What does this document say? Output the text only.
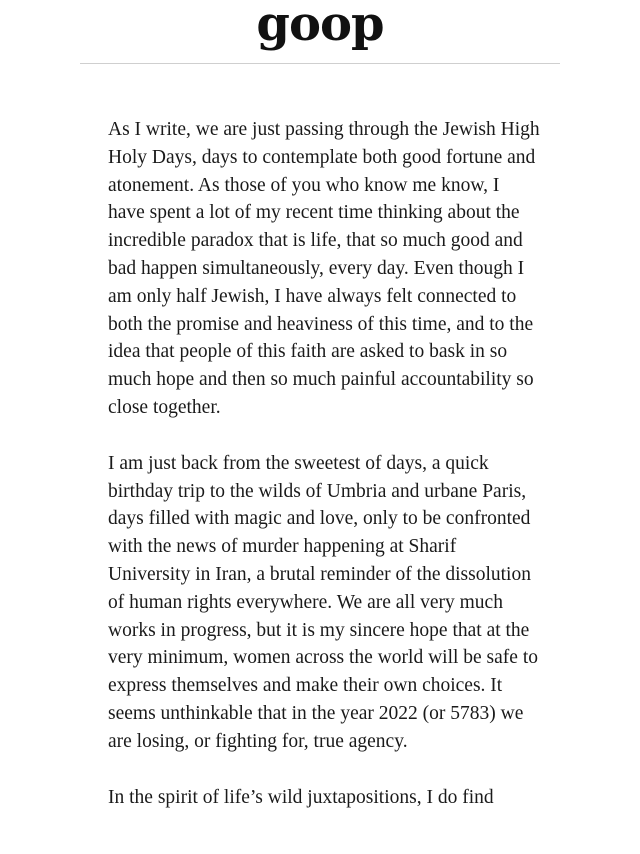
goop

As I write, we are just passing through the Jewish High Holy Days, days to contemplate both good fortune and atonement. As those of you who know me know, I have spent a lot of my recent time thinking about the incredible paradox that is life, that so much good and bad happen simultaneously, every day. Even though I am only half Jewish, I have always felt connected to both the promise and heaviness of this time, and to the idea that people of this faith are asked to bask in so much hope and then so much painful accountability so close together.

I am just back from the sweetest of days, a quick birthday trip to the wilds of Umbria and urbane Paris, days filled with magic and love, only to be confronted with the news of murder happening at Sharif University in Iran, a brutal reminder of the dissolution of human rights everywhere. We are all very much works in progress, but it is my sincere hope that at the very minimum, women across the world will be safe to express themselves and make their own choices. It seems unthinkable that in the year 2022 (or 5783) we are losing, or fighting for, true agency.

In the spirit of life’s wild juxtapositions, I do find
